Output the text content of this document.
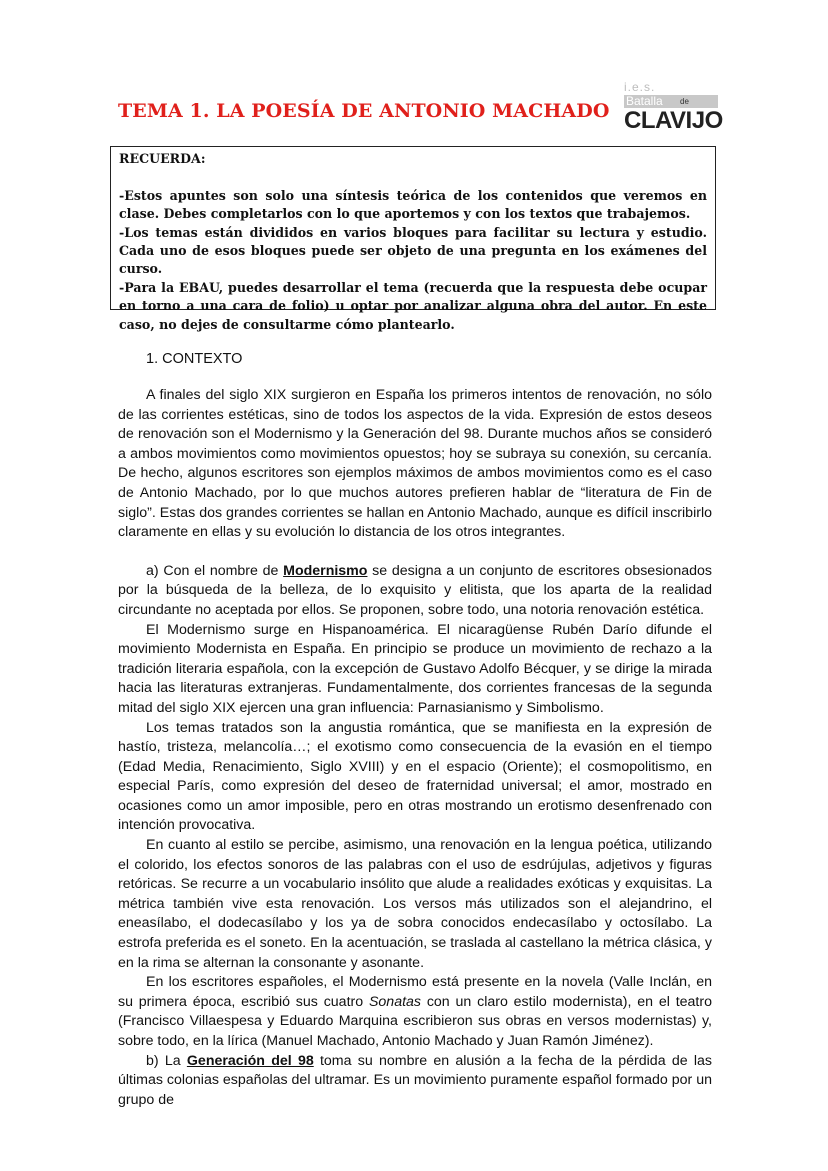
TEMA 1. LA POESÍA DE ANTONIO MACHADO
i.e.s.
Batalla de
CLAVIJO

RECUERDA:

-Estos apuntes son solo una síntesis teórica de los contenidos que veremos en clase. Debes completarlos con lo que aportemos y con los textos que trabajemos.

-Los temas están divididos en varios bloques para facilitar su lectura y estudio. Cada uno de esos bloques puede ser objeto de una pregunta en los exámenes del curso.

-Para la EBAU, puedes desarrollar el tema (recuerda que la respuesta debe ocupar en torno a una cara de folio) u optar por analizar alguna obra del autor. En este caso, no dejes de consultarme cómo plantearlo.

1. CONTEXTO

A finales del siglo XIX surgieron en España los primeros intentos de renovación, no sólo de las corrientes estéticas, sino de todos los aspectos de la vida. Expresión de estos deseos de renovación son el Modernismo y la Generación del 98. Durante muchos años se consideró a ambos movimientos como movimientos opuestos; hoy se subraya su conexión, su cercanía. De hecho, algunos escritores son ejemplos máximos de ambos movimientos como es el caso de Antonio Machado, por lo que muchos autores prefieren hablar de “literatura de Fin de siglo”. Estas dos grandes corrientes se hallan en Antonio Machado, aunque es difícil inscribirlo claramente en ellas y su evolución lo distancia de los otros integrantes.

a) Con el nombre de Modernismo se designa a un conjunto de escritores obsesionados por la búsqueda de la belleza, de lo exquisito y elitista, que los aparta de la realidad circundante no aceptada por ellos. Se proponen, sobre todo, una notoria renovación estética.

El Modernismo surge en Hispanoamérica. El nicaragüense Rubén Darío difunde el movimiento Modernista en España. En principio se produce un movimiento de rechazo a la tradición literaria española, con la excepción de Gustavo Adolfo Bécquer, y se dirige la mirada hacia las literaturas extranjeras. Fundamentalmente, dos corrientes francesas de la segunda mitad del siglo XIX ejercen una gran influencia: Parnasianismo y Simbolismo.

Los temas tratados son la angustia romántica, que se manifiesta en la expresión de hastío, tristeza, melancolía…; el exotismo como consecuencia de la evasión en el tiempo (Edad Media, Renacimiento, Siglo XVIII) y en el espacio (Oriente); el cosmopolitismo, en especial París, como expresión del deseo de fraternidad universal; el amor, mostrado en ocasiones como un amor imposible, pero en otras mostrando un erotismo desenfrenado con intención provocativa.

En cuanto al estilo se percibe, asimismo, una renovación en la lengua poética, utilizando el colorido, los efectos sonoros de las palabras con el uso de esdrújulas, adjetivos y figuras retóricas. Se recurre a un vocabulario insólito que alude a realidades exóticas y exquisitas. La métrica también vive esta renovación. Los versos más utilizados son el alejandrino, el eneasílabo, el dodecasílabo y los ya de sobra conocidos endecasílabo y octosílabo. La estrofa preferida es el soneto. En la acentuación, se traslada al castellano la métrica clásica, y en la rima se alternan la consonante y asonante.

En los escritores españoles, el Modernismo está presente en la novela (Valle Inclán, en su primera época, escribió sus cuatro Sonatas con un claro estilo modernista), en el teatro (Francisco Villaespesa y Eduardo Marquina escribieron sus obras en versos modernistas) y, sobre todo, en la lírica (Manuel Machado, Antonio Machado y Juan Ramón Jiménez).

b) La Generación del 98 toma su nombre en alusión a la fecha de la pérdida de las últimas colonias españolas del ultramar. Es un movimiento puramente español formado por un grupo de
